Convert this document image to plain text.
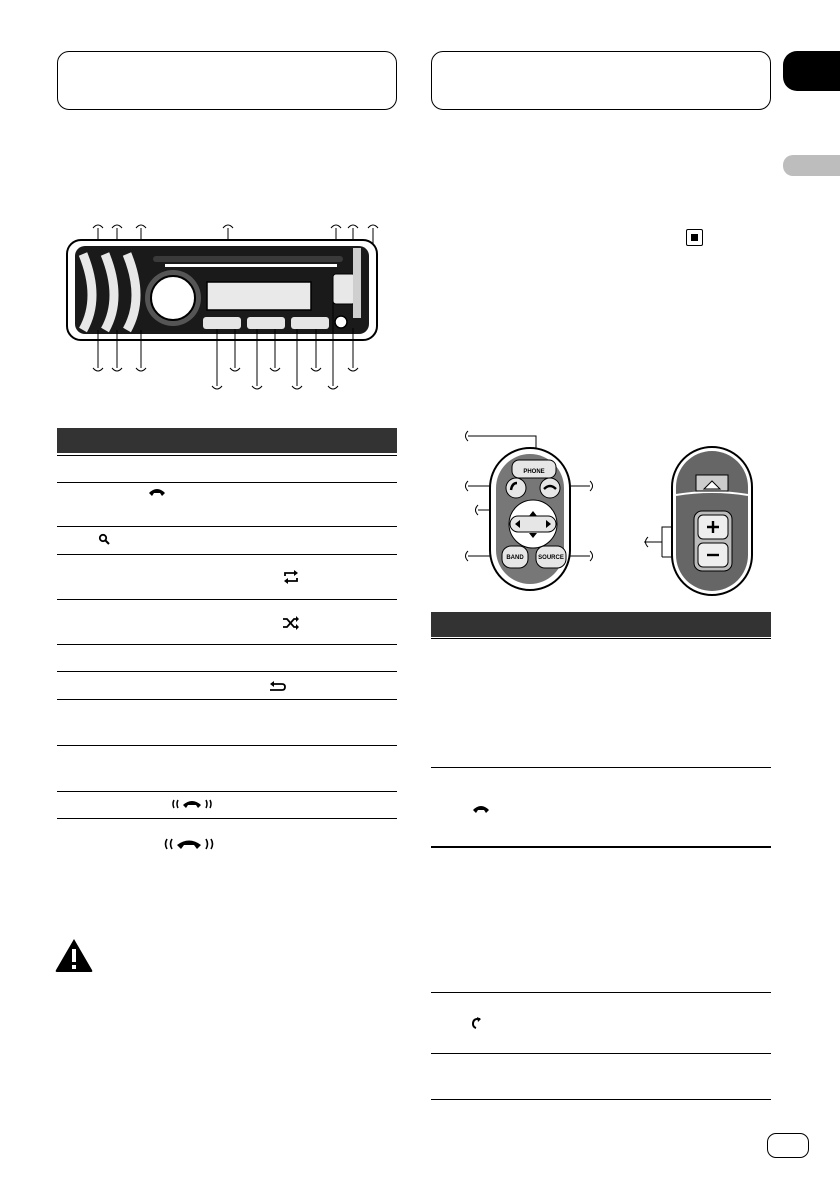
PHONE
BAND SOURCE
